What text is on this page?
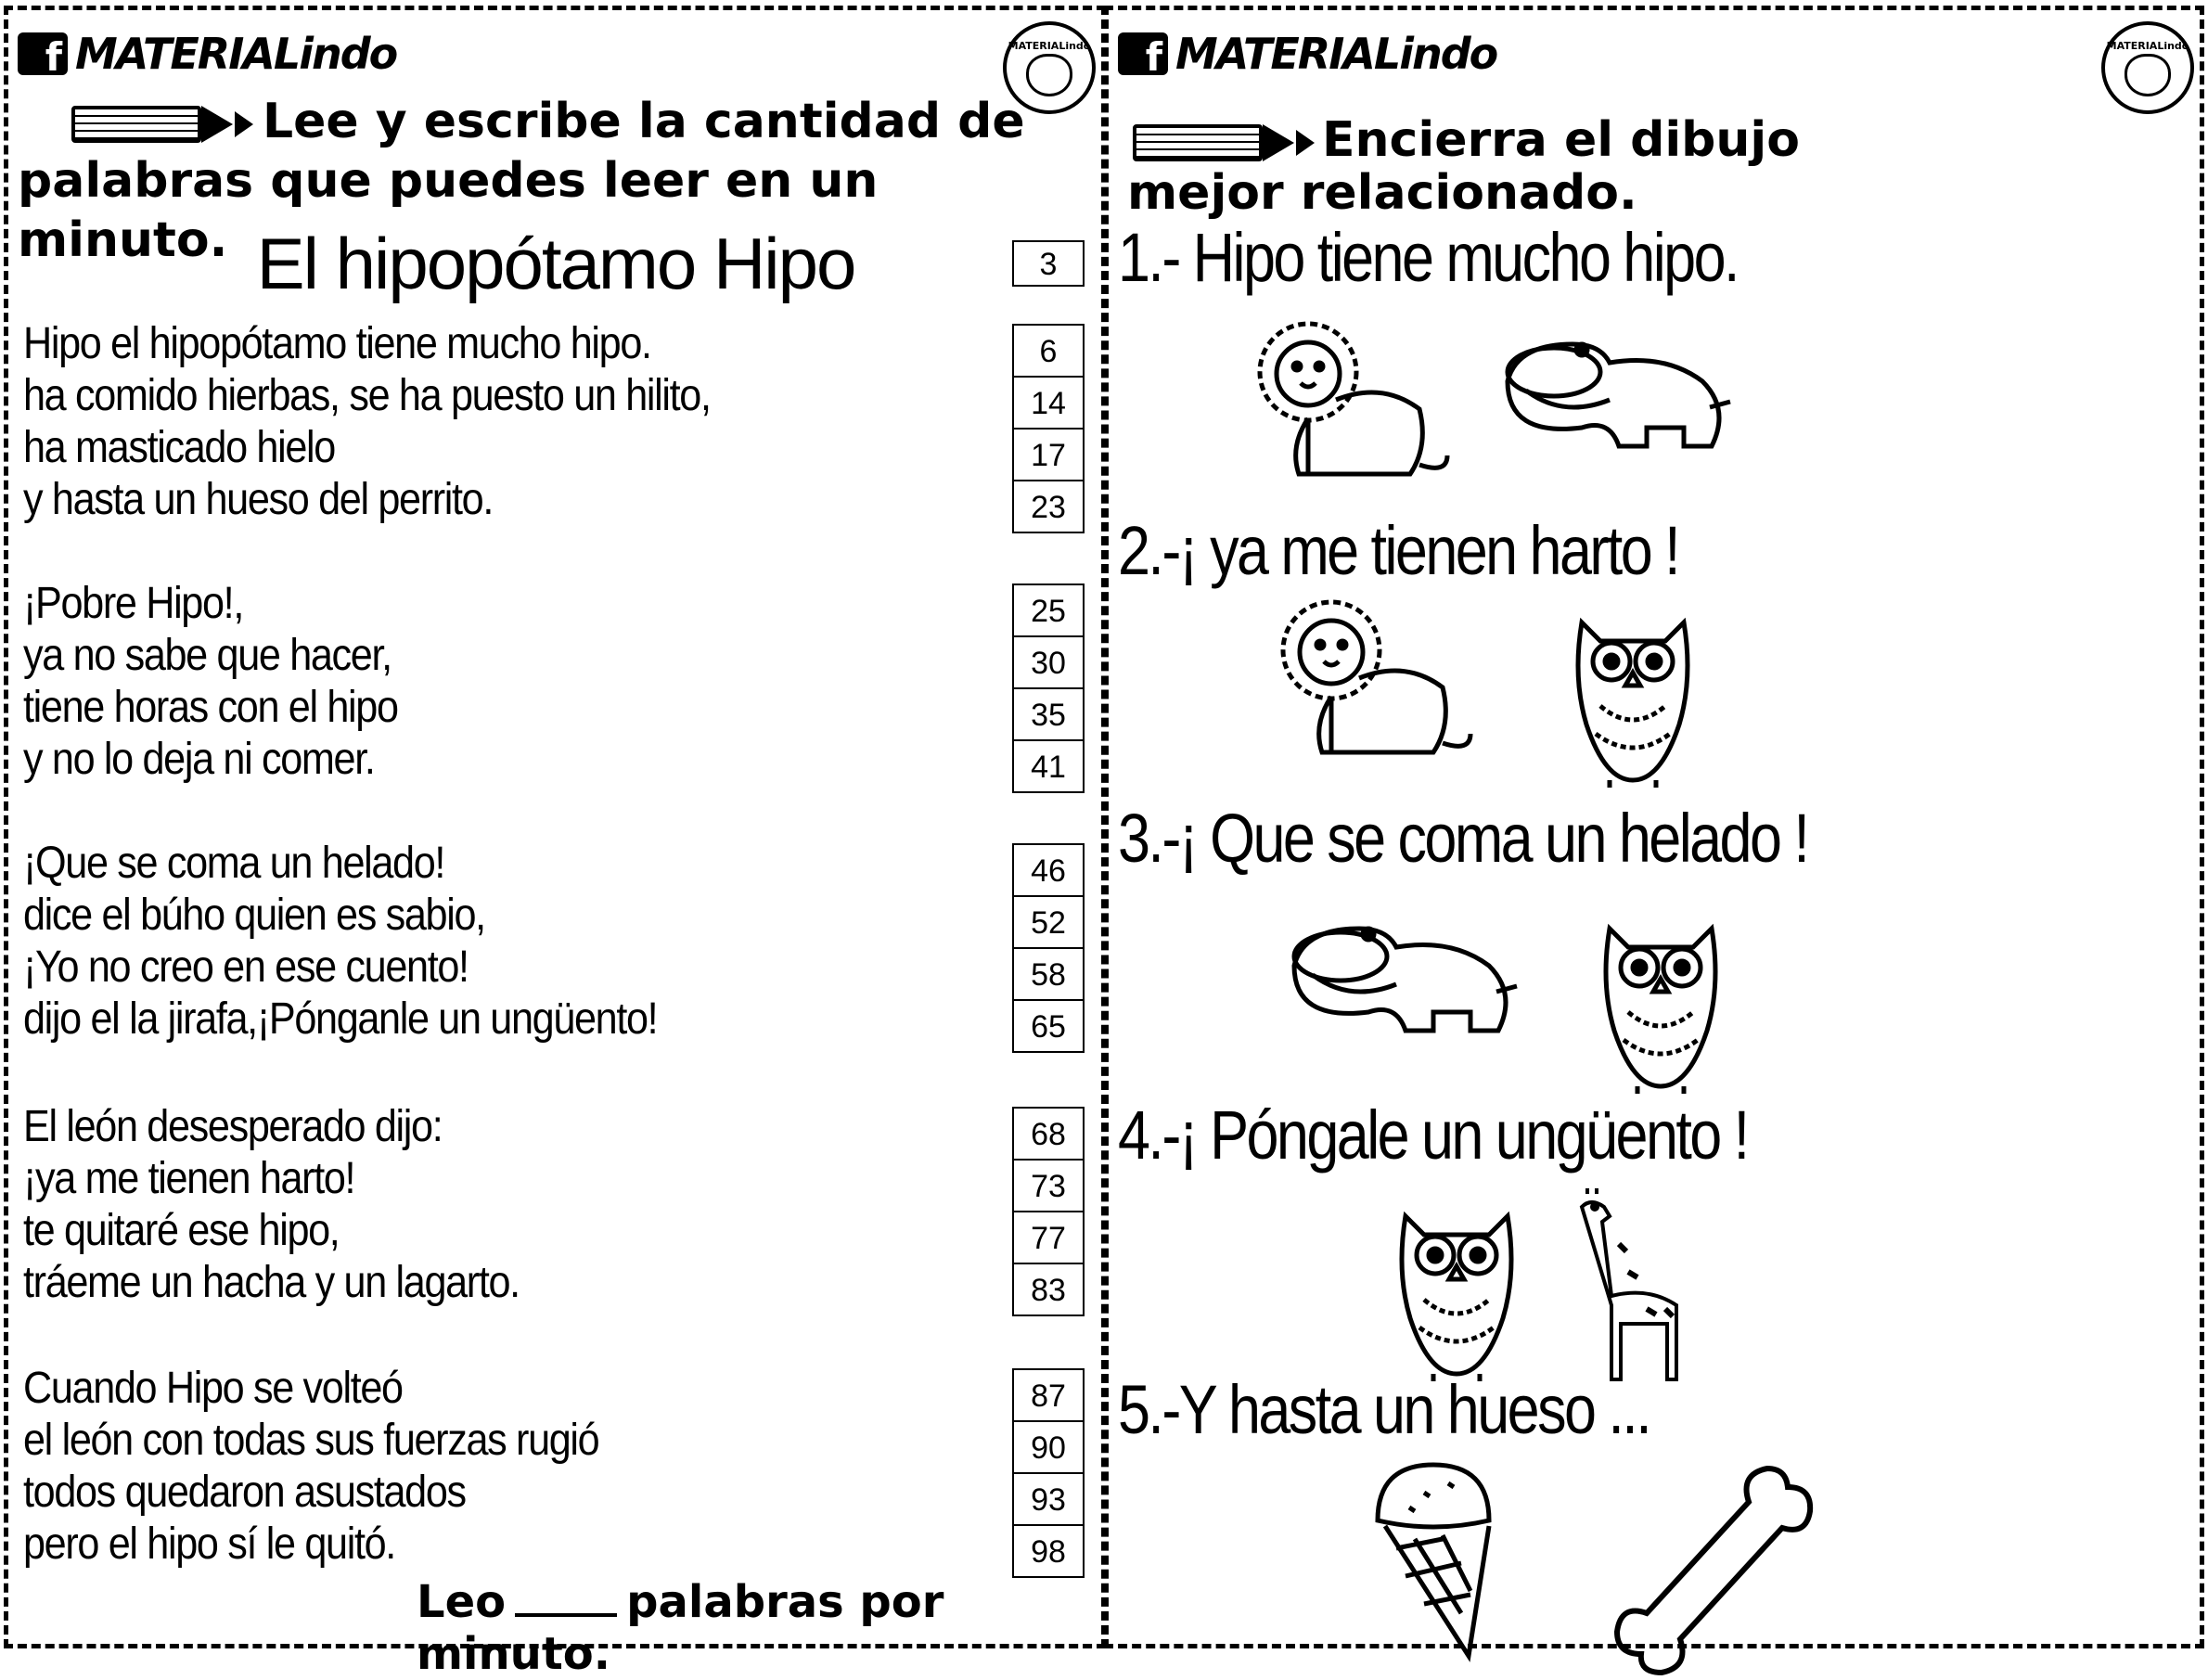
f MATERIALindo	MATERIALindo
Lee y escribe la cantidad de palabras que puedes leer en un minuto. El hipopótamo Hipo	3
Hipo el hipopótamo tiene mucho hipo.	6
ha comido hierbas, se ha puesto un hilito,	14
ha masticado hielo	17
y hasta un hueso del perrito.	23
¡Pobre Hipo!,	25
ya no sabe que hacer,	30
tiene horas con el hipo	35
y no lo deja ni comer.	41
¡Que se coma un helado!	46
dice el búho quien es sabio,	52
¡Yo no creo en ese cuento!	58
dijo el la jirafa,¡Pónganle un ungüento!	65
El león desesperado dijo:	68
¡ya me tienen harto!	73
te quitaré ese hipo,	77
tráeme un hacha y un lagarto.	83
Cuando Hipo se volteó	87
el león con todas sus fuerzas rugió	90
todos quedaron asustados	93
pero el hipo sí le quitó.	98
Leo	palabras por minuto.
f MATERIALindo	MATERIALindo
Encierra el dibujo mejor relacionado.
1.- Hipo tiene mucho hipo.
2.-¡ ya me tienen harto !
3.-¡ Que se coma un helado !
4.-¡ Póngale un ungüento !
5.-Y hasta un hueso ...
